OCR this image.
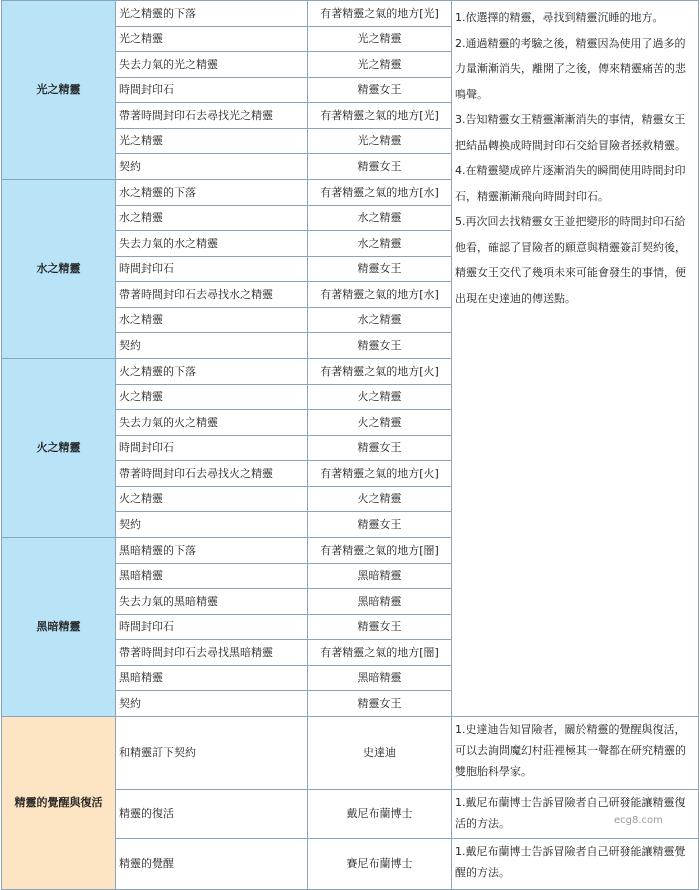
光之精靈	光之精靈的下落	有著精靈之氣的地方[光]	1.依選擇的精靈，尋找到精靈沉睡的地方。

2.通過精靈的考驗之後，精靈因為使用了過多的力量漸漸消失，離開了之後，傳來精靈痛苦的悲鳴聲。

3.告知精靈女王精靈漸漸消失的事情，精靈女王把結晶轉換成時間封印石交給冒險者拯救精靈。

4.在精靈變成碎片逐漸消失的瞬間使用時間封印石，精靈漸漸飛向時間封印石。

5.再次回去找精靈女王並把變形的時間封印石給他看，確認了冒險者的願意與精靈簽訂契約後，精靈女王交代了幾項未來可能會發生的事情，便出現在史達迪的傳送點。

	光之精靈	光之精靈	
	失去力氣的光之精靈	光之精靈	
	時間封印石	精靈女王	
	帶著時間封印石去尋找光之精靈	有著精靈之氣的地方[光]	
	光之精靈	光之精靈	
	契約	精靈女王	
水之精靈	水之精靈的下落	有著精靈之氣的地方[水]	
	水之精靈	水之精靈	
	失去力氣的水之精靈	水之精靈	
	時間封印石	精靈女王	
	帶著時間封印石去尋找水之精靈	有著精靈之氣的地方[水]	
	水之精靈	水之精靈	
	契約	精靈女王	
火之精靈	火之精靈的下落	有著精靈之氣的地方[火]	
	火之精靈	火之精靈	
	失去力氣的火之精靈	火之精靈	
	時間封印石	精靈女王	
	帶著時間封印石去尋找火之精靈	有著精靈之氣的地方[火]	
	火之精靈	火之精靈	
	契約	精靈女王	
黑暗精靈	黑暗精靈的下落	有著精靈之氣的地方[闇]	
	黑暗精靈	黑暗精靈	
	失去力氣的黑暗精靈	黑暗精靈	
	時間封印石	精靈女王	
	帶著時間封印石去尋找黑暗精靈	有著精靈之氣的地方[闇]	
	黑暗精靈	黑暗精靈	
	契約	精靈女王	
精靈的覺醒與復活	和精靈訂下契約	史達迪	1.史達迪告知冒險者，關於精靈的覺醒與復活，可以去詢問魔幻村莊裡極其一聲都在研究精靈的雙胞胎科學家。
	精靈的復活	戴尼布蘭博士	1.戴尼布蘭博士告訴冒險者自己研發能讓精靈復活的方法。
	精靈的覺醒	賽尼布蘭博士	1.戴尼布蘭博士告訴冒險者自己研發能讓精靈覺醒的方法。
ecg8.com
